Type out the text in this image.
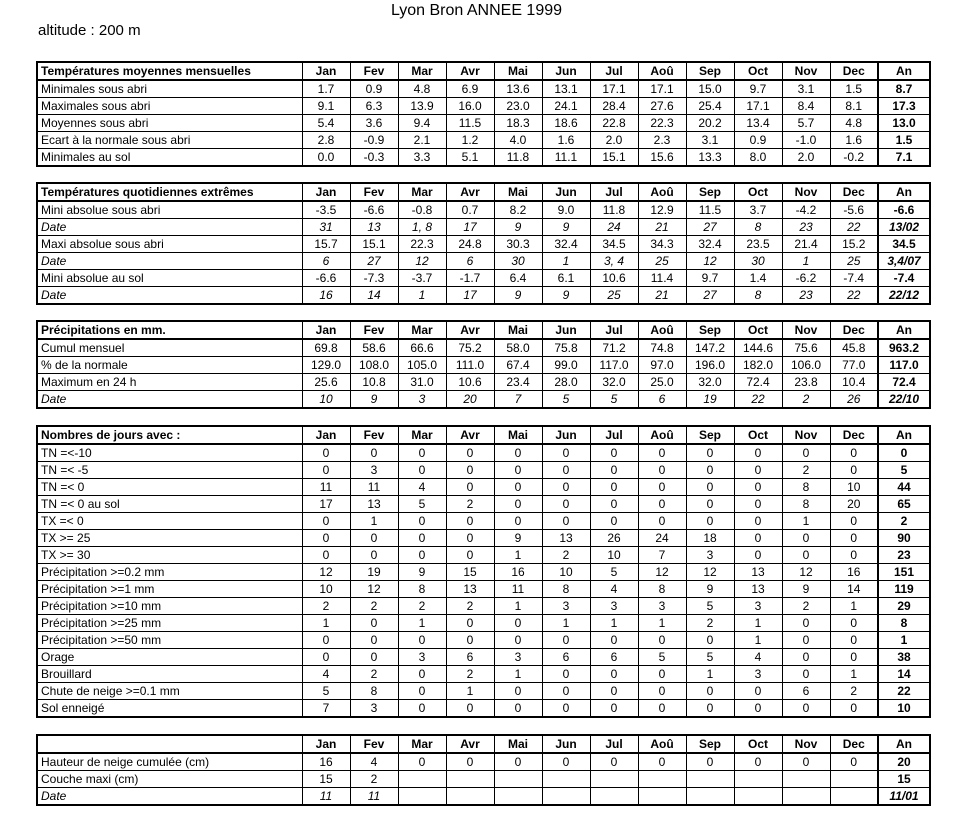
Lyon Bron ANNEE 1999
altitude : 200 m
Températures moyennes mensuelles	Jan	Fev	Mar	Avr	Mai	Jun	Jul	Aoû	Sep	Oct	Nov	Dec	An
Minimales sous abri	1.7	0.9	4.8	6.9	13.6	13.1	17.1	17.1	15.0	9.7	3.1	1.5	8.7
Maximales sous abri	9.1	6.3	13.9	16.0	23.0	24.1	28.4	27.6	25.4	17.1	8.4	8.1	17.3
Moyennes sous abri	5.4	3.6	9.4	11.5	18.3	18.6	22.8	22.3	20.2	13.4	5.7	4.8	13.0
Ecart à la normale sous abri	2.8	-0.9	2.1	1.2	4.0	1.6	2.0	2.3	3.1	0.9	-1.0	1.6	1.5
Minimales au sol	0.0	-0.3	3.3	5.1	11.8	11.1	15.1	15.6	13.3	8.0	2.0	-0.2	7.1
Températures quotidiennes extrêmes	Jan	Fev	Mar	Avr	Mai	Jun	Jul	Aoû	Sep	Oct	Nov	Dec	An
Mini absolue sous abri	-3.5	-6.6	-0.8	0.7	8.2	9.0	11.8	12.9	11.5	3.7	-4.2	-5.6	-6.6
Date	31	13	1, 8	17	9	9	24	21	27	8	23	22	13/02
Maxi absolue sous abri	15.7	15.1	22.3	24.8	30.3	32.4	34.5	34.3	32.4	23.5	21.4	15.2	34.5
Date	6	27	12	6	30	1	3, 4	25	12	30	1	25	3,4/07
Mini absolue au sol	-6.6	-7.3	-3.7	-1.7	6.4	6.1	10.6	11.4	9.7	1.4	-6.2	-7.4	-7.4
Date	16	14	1	17	9	9	25	21	27	8	23	22	22/12
Précipitations en mm.	Jan	Fev	Mar	Avr	Mai	Jun	Jul	Aoû	Sep	Oct	Nov	Dec	An
Cumul mensuel	69.8	58.6	66.6	75.2	58.0	75.8	71.2	74.8	147.2	144.6	75.6	45.8	963.2
% de la normale	129.0	108.0	105.0	111.0	67.4	99.0	117.0	97.0	196.0	182.0	106.0	77.0	117.0
Maximum en 24 h	25.6	10.8	31.0	10.6	23.4	28.0	32.0	25.0	32.0	72.4	23.8	10.4	72.4
Date	10	9	3	20	7	5	5	6	19	22	2	26	22/10
Nombres de jours avec :	Jan	Fev	Mar	Avr	Mai	Jun	Jul	Aoû	Sep	Oct	Nov	Dec	An
TN =<-10	0	0	0	0	0	0	0	0	0	0	0	0	0
TN =< -5	0	3	0	0	0	0	0	0	0	0	2	0	5
TN =< 0	11	11	4	0	0	0	0	0	0	0	8	10	44
TN =< 0 au sol	17	13	5	2	0	0	0	0	0	0	8	20	65
TX =< 0	0	1	0	0	0	0	0	0	0	0	1	0	2
TX >= 25	0	0	0	0	9	13	26	24	18	0	0	0	90
TX >= 30	0	0	0	0	1	2	10	7	3	0	0	0	23
Précipitation >=0.2 mm	12	19	9	15	16	10	5	12	12	13	12	16	151
Précipitation >=1 mm	10	12	8	13	11	8	4	8	9	13	9	14	119
Précipitation >=10 mm	2	2	2	2	1	3	3	3	5	3	2	1	29
Précipitation >=25 mm	1	0	1	0	0	1	1	1	2	1	0	0	8
Précipitation >=50 mm	0	0	0	0	0	0	0	0	0	1	0	0	1
Orage	0	0	3	6	3	6	6	5	5	4	0	0	38
Brouillard	4	2	0	2	1	0	0	0	1	3	0	1	14
Chute de neige >=0.1 mm	5	8	0	1	0	0	0	0	0	0	6	2	22
Sol enneigé	7	3	0	0	0	0	0	0	0	0	0	0	10
	Jan	Fev	Mar	Avr	Mai	Jun	Jul	Aoû	Sep	Oct	Nov	Dec	An
Hauteur de neige cumulée (cm)	16	4	0	0	0	0	0	0	0	0	0	0	20
Couche maxi (cm)	15	2											15
Date	11	11											11/01
